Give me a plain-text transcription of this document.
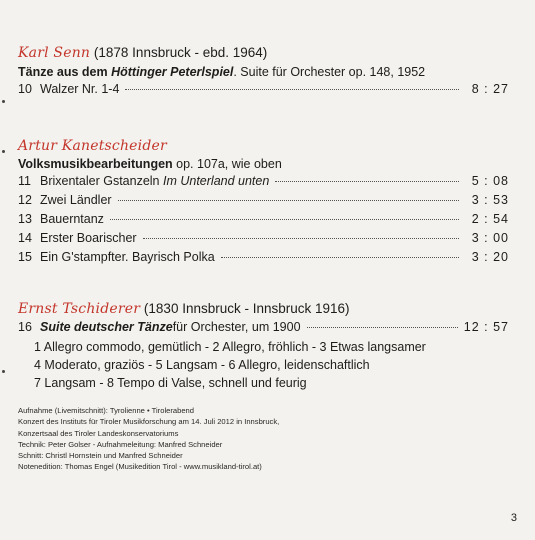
Karl Senn (1878 Innsbruck - ebd. 1964)
Tänze aus dem Höttinger Peterlspiel. Suite für Orchester op. 148, 1952
10 Walzer Nr. 1-4	8 : 27
Artur Kanetscheider
Volksmusikbearbeitungen op. 107a, wie oben
11 Brixentaler Gstanzeln
Im Unterland unten	5 : 08
12 Zwei Ländler	3 : 53
13 Bauerntanz	2 : 54
14 Erster Boarischer	3 : 00
15 Ein G'stampfter. Bayrisch Polka	3 : 20
Ernst Tschiderer (1830 Innsbruck - Innsbruck 1916)
16 Suite deutscher Tänze für Orchester, um 1900	12 : 57
1 Allegro commodo, gemütlich - 2 Allegro, fröhlich - 3 Etwas langsamer
4 Moderato, graziös - 5 Langsam - 6 Allegro, leidenschaftlich
7 Langsam - 8 Tempo di Valse, schnell und feurig
Aufnahme (Livemitschnitt): Tyrolienne • Tirolerabend
Konzert des Instituts für Tiroler Musikforschung am 14. Juli 2012 in Innsbruck,
Konzertsaal des Tiroler Landeskonservatoriums
Technik: Peter Golser - Aufnahmeleitung: Manfred Schneider
Schnitt: Christl Hornstein und Manfred Schneider
Notenedition: Thomas Engel (Musikedition Tirol - www.musikland-tirol.at)
3
